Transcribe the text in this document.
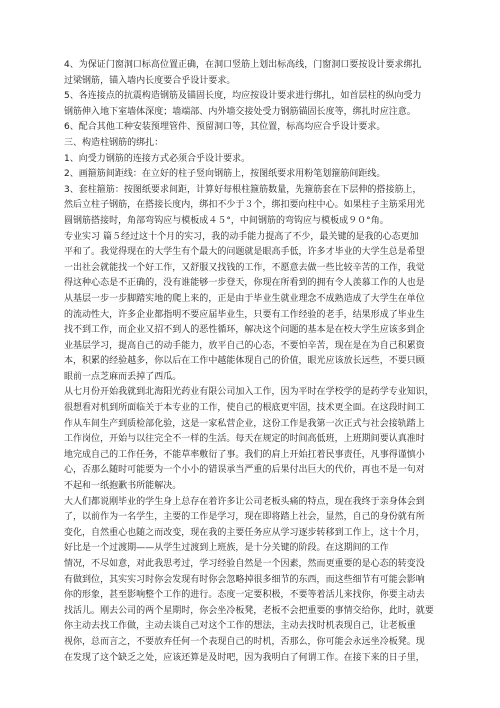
4、为保证门窗洞口标高位置正确，在洞口竖筋上划出标高线，门窗洞口要按设计要求绑扎
过梁钢筋，锚入墙内长度要合乎设计要求。
5、各连接点的抗震构造钢筋及锚固长度，均应按设计要求进行绑扎，如首层柱的纵向受力
钢筋伸入地下室墙体深度；墙端部、内外墙交接处受力钢筋锚固长度等，绑扎时应注意。
6、配合其他工种安装预埋管件、预留洞口等，其位置，标高均应合乎设计要求。
三、构造柱钢筋的绑扎：
1、向受力钢筋的连接方式必须合乎设计要求。
2、画箍筋间距线：在立好的柱子竖向钢筋上，按图纸要求用粉笔划箍筋间距线。
3、套柱箍筋：按图纸要求间距，计算好每根柱箍筋数量，先箍筋套在下层伸的搭接筋上，
然后立柱子钢筋，在搭接长度内，绑扣不少于３个，绑扣要向柱中心。如果柱子主筋采用光
圆钢筋搭接时，角部弯钩应与模板成４５°，中间钢筋的弯钩应与模板成９０°角。
专业实习 篇５经过这十个月的实习，我的动手能力提高了不少，最关键的是我的心态更加
平和了。我觉得现在的大学生有个最大的问题就是眼高手低，许多才毕业的大学生总是希望
一出社会就能找一个好工作，又舒服又找钱的工作，不愿意去做一些比较辛苦的工作，我觉
得这种心态是不正确的，没有谁能够一步登天，你现在所看到的拥有令人羡慕工作的人也是
从基层一步一步脚踏实地的爬上来的，正是由于毕业生就业理念不成熟造成了大学生在单位
的流动性大，许多企业都指明不要应届毕业生，只要有工作经验的老手，结果形成了毕业生
找不到工作，而企业又招不到人的恶性循环，解决这个问题的基本是在校大学生应该多到企
业基层学习，提高自己的动手能力，放平自己的心态，不要怕辛苦，现在是在为自己积累资
本，积累的经验越多，你以后在工作中越能体现自己的价值，眼光应该放长远些，不要只顾
眼前一点芝麻而丢掉了西瓜。
从七月份开始我就到北海阳光药业有限公司加入工作，因为平时在学校学的是药学专业知识，
很想看对机到所面临关于本专业的工作，使自己的根底更牢固，技术更全面。在这段时间工
作从车间生产到质检部化验，这是一家私营企业，这份工作是我第一次正式与社会接轨踏上
工作岗位，开始与以往完全不一样的生活。每天在规定的时间高低班，上班期间要认真准时
地完成自己的工作任务，不能草率敷衍了事。我们的肩上开始扛着民事责任，凡事得谨慎小
心，否那么随时可能要为一个小小的错误承当严重的后果付出巨大的代价，再也不是一句对
不起和一纸抱歉书所能解决。
大人们都说刚毕业的学生身上总存在着许多让公司老板头痛的特点，现在我终于亲身体会到
了，以前作为一名学生，主要的工作是学习，现在即将踏上社会，显然，自己的身份就有所
变化，自然重心也随之而改变，现在我的主要任务应从学习逐步转移到工作上，这十个月，
好比是一个过渡期——从学生过渡到上班族，是十分关键的阶段。在这期间的工作
情况，不尽如意，对此我思考过，学习经验自然是一个因素，然而更重要的是心态的转变没
有做到位，其实实习时你会发现有时你会忽略掉很多细节的东西，而这些细节有可能会影响
你的形象，甚至影响整个工作的进行。态度一定要积极，不要等着活儿来找你，你要主动去
找活儿。刚去公司的两个星期时，你会坐冷板凳，老板不会把重要的事情交给你，此时，就要
你主动去找工作做，主动去谈自己对这个工作的想法，主动去找时机表现自己，让老板重
视你，总而言之，不要放弃任何一个表现自己的时机，否那么，你可能会永远坐冷板凳。现
在发现了这个缺乏之处，应该还算是及时吧，因为我明白了何谓工作。在接下来的日子里，
